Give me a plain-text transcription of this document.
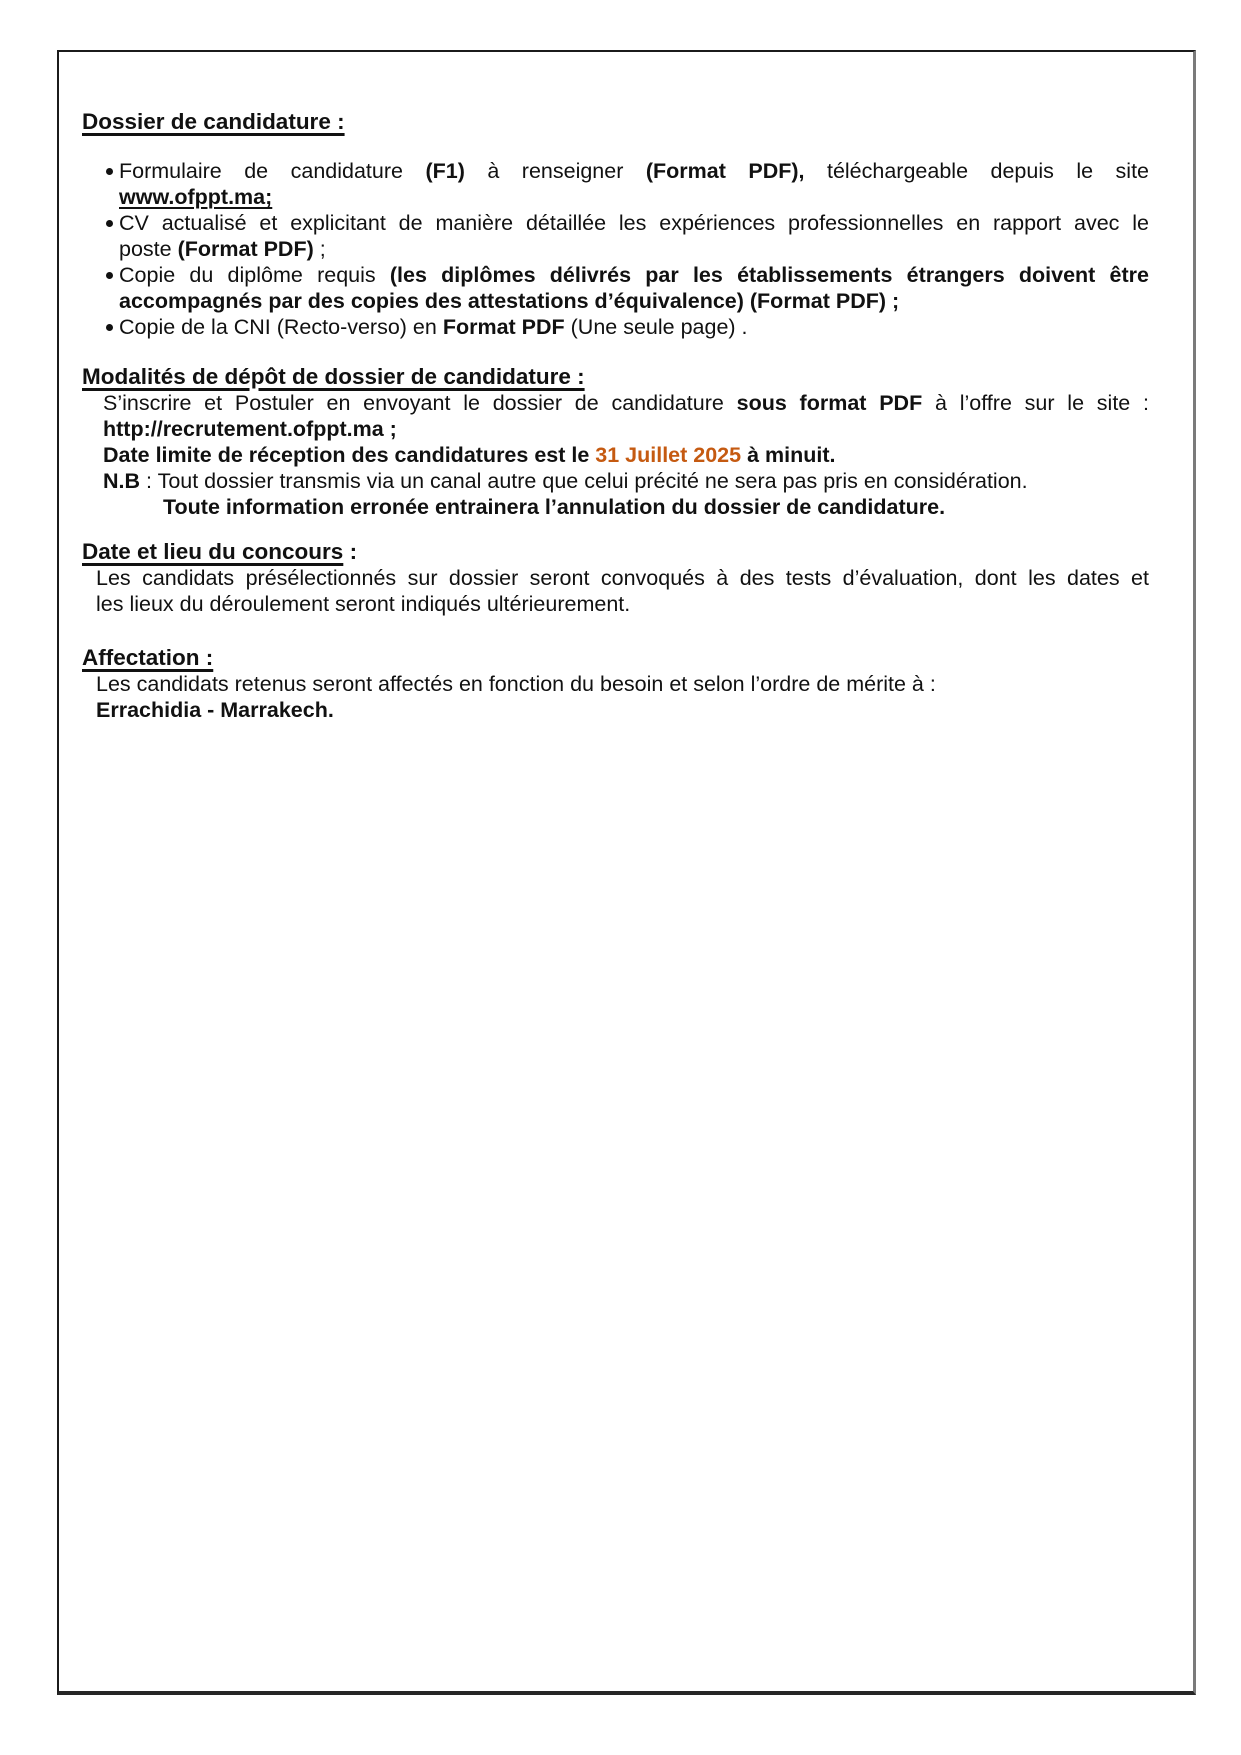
Dossier de candidature :
Formulaire de candidature (F1) à renseigner (Format PDF), téléchargeable depuis le site
www.ofppt.ma;
CV actualisé et explicitant de manière détaillée les expériences professionnelles en rapport avec le
poste (Format PDF) ;
Copie du diplôme requis (les diplômes délivrés par les établissements étrangers doivent être
accompagnés par des copies des attestations d’équivalence) (Format PDF) ;
Copie de la CNI (Recto-verso) en Format PDF (Une seule page) .
Modalités de dépôt de dossier de candidature :
S’inscrire et Postuler en envoyant le dossier de candidature sous format PDF à l’offre sur le site :
http://recrutement.ofppt.ma ;
Date limite de réception des candidatures est le 31 Juillet 2025 à minuit.
N.B : Tout dossier transmis via un canal autre que celui précité ne sera pas pris en considération.
Toute information erronée entrainera l’annulation du dossier de candidature.
Date et lieu du concours :
Les candidats présélectionnés sur dossier seront convoqués à des tests d’évaluation, dont les dates et
les lieux du déroulement seront indiqués ultérieurement.
Affectation :
Les candidats retenus seront affectés en fonction du besoin et selon l’ordre de mérite à :
Errachidia - Marrakech.
